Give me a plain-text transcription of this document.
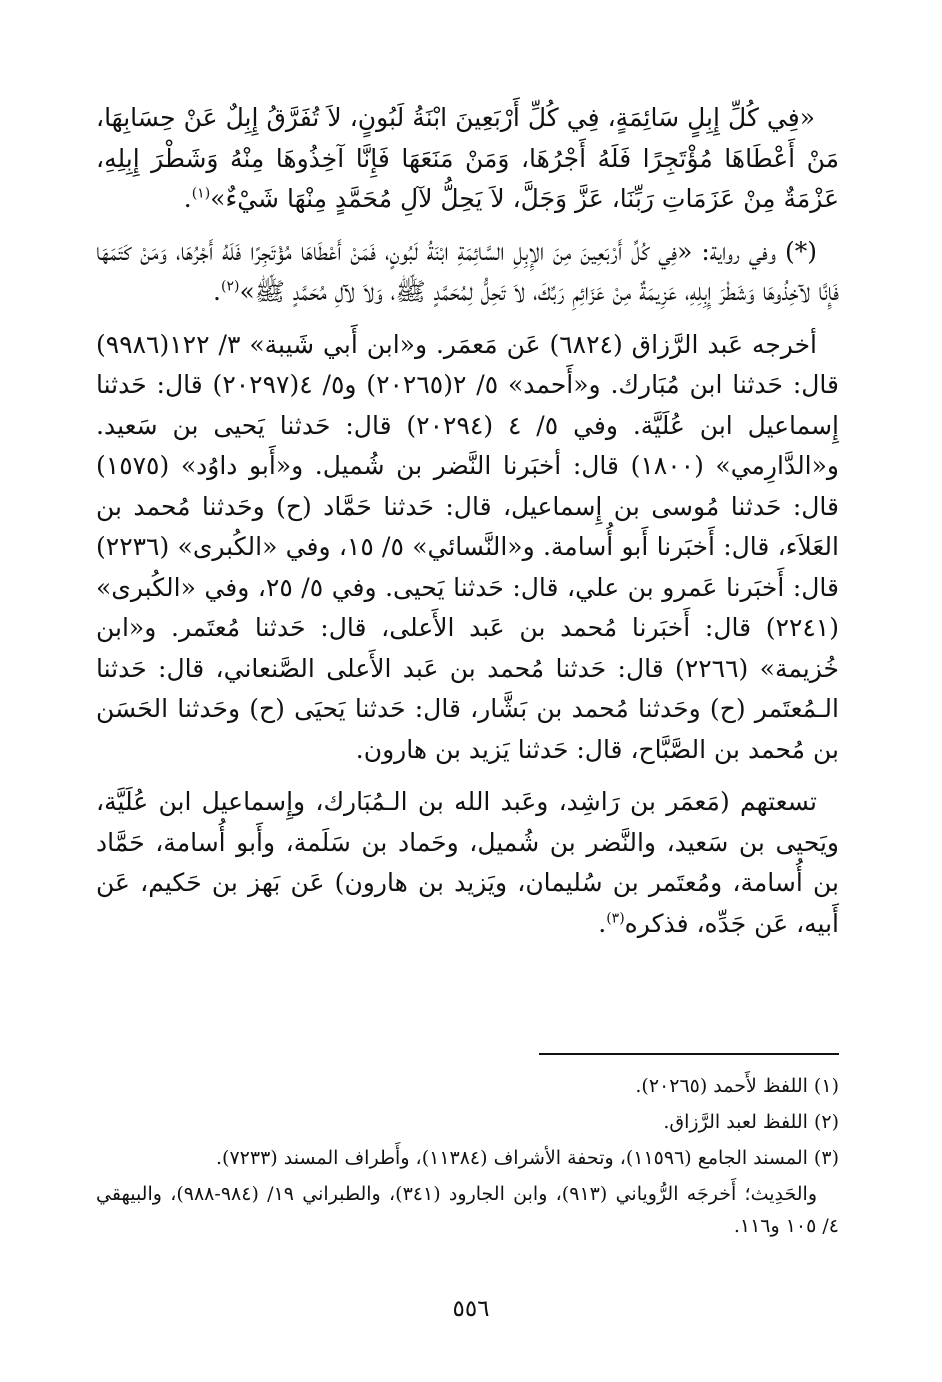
«فِي كُلِّ إِبِلٍ سَائِمَةٍ، فِي كُلِّ أَرْبَعِينَ ابْنَةُ لَبُونٍ، لاَ تُفَرَّقُ إِبِلٌ عَنْ حِسَابِهَا، مَنْ أَعْطَاهَا مُؤْتَجِرًا فَلَهُ أَجْرُهَا، وَمَنْ مَنَعَهَا فَإِنَّا آخِذُوهَا مِنْهُ وَشَطْرَ إِبِلِهِ، عَزْمَةٌ مِنْ عَزَمَاتِ رَبِّنَا، عَزَّ وَجَلَّ، لاَ يَحِلُّ لآلِ مُحَمَّدٍ مِنْهَا شَيْءٌ»$^{(١)}$.

(*) وفي رواية: «فِي كُلِّ أَرْبَعِينَ مِنَ الإِبِلِ السَّائِمَةِ ابْنَةُ لَبُونٍ، فَمَنْ أَعْطَاهَا مُؤْتَجِرًا فَلَهُ أَجْرُهَا، وَمَنْ كَتَمَهَا فَإِنَّا لآخِذُوهَا وَشَطْرَ إِبِلِهِ، عَزِيمَةٌ مِنْ عَزَائِمِ رَبِّكَ، لاَ تَحِلُّ لِمُحَمَّدٍ ﷺ، وَلاَ لآلِ مُحَمَّدٍ ﷺ»$^{(٢)}$.

أخرجه عَبد الرَّزاق (٦٨٢٤) عَن مَعمَر. و«ابن أَبي شَيبة» ٣/ ١٢٢(٩٩٨٦) قال: حَدثنا ابن مُبَارك. و«أَحمد» ٥/ ٢(٢٠٢٦٥) و٥/ ٤(٢٠٢٩٧) قال: حَدثنا إِسماعيل ابن عُلَيَّة. وفي ٥/ ٤ (٢٠٢٩٤) قال: حَدثنا يَحيى بن سَعيد. و«الدَّارِمي» (١٨٠٠) قال: أخبَرنا النَّضر بن شُميل. و«أَبو داوُد» (١٥٧٥) قال: حَدثنا مُوسى بن إِسماعيل، قال: حَدثنا حَمَّاد (ح) وحَدثنا مُحمد بن العَلاَء، قال: أَخبَرنا أَبو أُسامة. و«النَّسائي» ٥/ ١٥، وفي «الكُبرى» (٢٢٣٦) قال: أَخبَرنا عَمرو بن علي، قال: حَدثنا يَحيى. وفي ٥/ ٢٥، وفي «الكُبرى» (٢٢٤١) قال: أَخبَرنا مُحمد بن عَبد الأَعلى، قال: حَدثنا مُعتَمر. و«ابن خُزيمة» (٢٢٦٦) قال: حَدثنا مُحمد بن عَبد الأَعلى الصَّنعاني، قال: حَدثنا الـمُعتَمر (ح) وحَدثنا مُحمد بن بَشَّار، قال: حَدثنا يَحيَى (ح) وحَدثنا الحَسَن بن مُحمد بن الصَّبَّاح، قال: حَدثنا يَزيد بن هارون.

تسعتهم (مَعمَر بن رَاشِد، وعَبد الله بن الـمُبَارك، وإِسماعيل ابن عُلَيَّة، ويَحيى بن سَعيد، والنَّضر بن شُميل، وحَماد بن سَلَمة، وأَبو أُسامة، حَمَّاد بن أُسامة، ومُعتَمر بن سُليمان، ويَزيد بن هارون) عَن بَهز بن حَكيم، عَن أَبيه، عَن جَدِّه، فذكره$^{(٣)}$.

(١) اللفظ لأَحمد (٢٠٢٦٥).

(٢) اللفظ لعبد الرَّزاق.

(٣) المسند الجامع (١١٥٩٦)، وتحفة الأشراف (١١٣٨٤)، وأَطراف المسند (٧٢٣٣).

والحَدِيث؛ أَخرجَه الرُّوياني (٩١٣)، وابن الجارود (٣٤١)، والطبراني ١٩/ (٩٨٤-٩٨٨)، والبيهقي ٤/ ١٠٥ و١١٦.

٥٥٦
